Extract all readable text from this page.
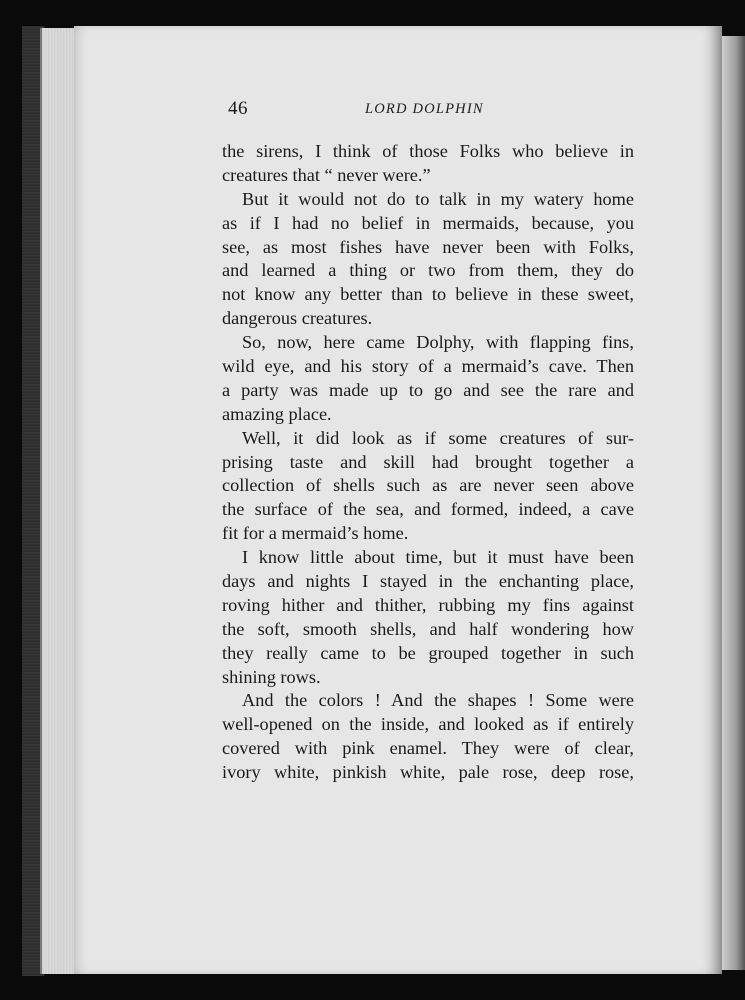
46	LORD DOLPHIN
the sirens, I think of those Folks who believe in
creatures that “ never were.”
But it would not do to talk in my watery home
as if I had no belief in mermaids, because, you
see, as most fishes have never been with Folks,
and learned a thing or two from them, they do
not know any better than to believe in these sweet,
dangerous creatures.
So, now, here came Dolphy, with flapping fins,
wild eye, and his story of a mermaid’s cave. Then
a party was made up to go and see the rare and
amazing place.
Well, it did look as if some creatures of sur-
prising taste and skill had brought together a
collection of shells such as are never seen above
the surface of the sea, and formed, indeed, a cave
fit for a mermaid’s home.
I know little about time, but it must have been
days and nights I stayed in the enchanting place,
roving hither and thither, rubbing my fins against
the soft, smooth shells, and half wondering how
they really came to be grouped together in such
shining rows.
And the colors ! And the shapes ! Some were
well-opened on the inside, and looked as if entirely
covered with pink enamel. They were of clear,
ivory white, pinkish white, pale rose, deep rose,
